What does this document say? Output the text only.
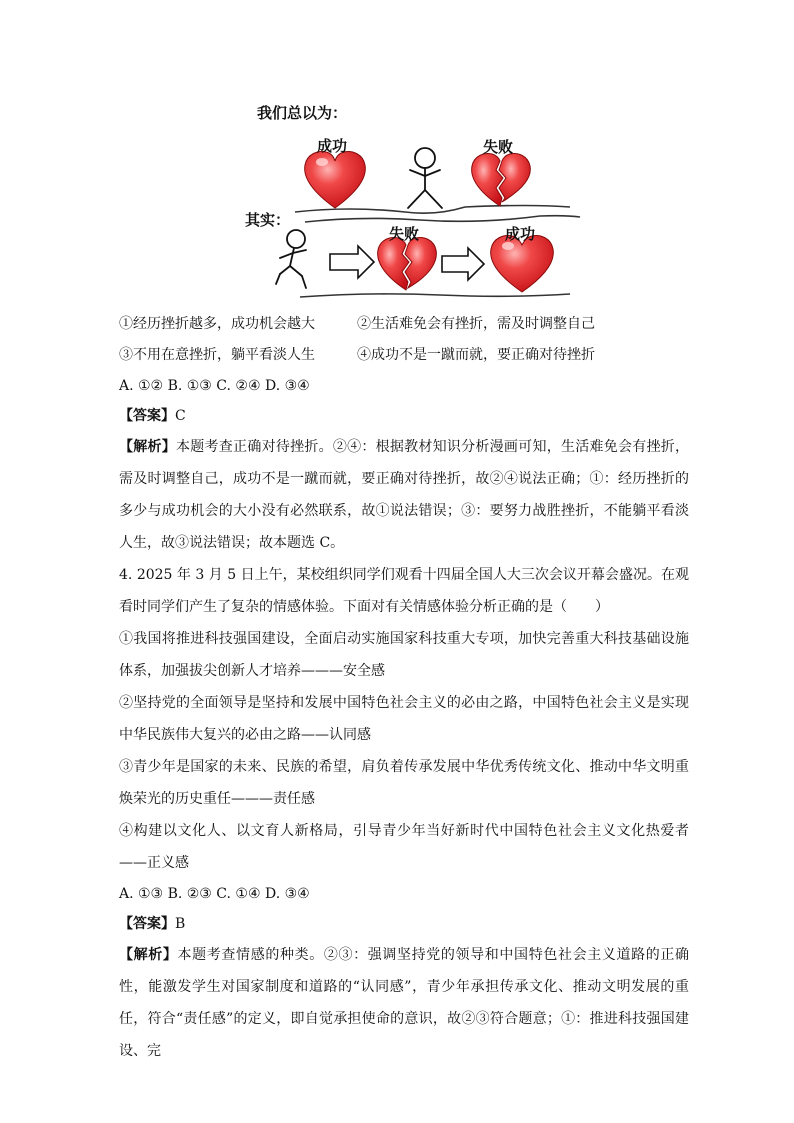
我们总以为：
其实：
成功	失败
失败	成功
①经历挫折越多，成功机会越大	②生活难免会有挫折，需及时调整自己
③不用在意挫折，躺平看淡人生	④成功不是一蹴而就，要正确对待挫折
A. ①② B. ①③ C. ②④ D. ③④
【答案】 C

【解析】本题考查正确对待挫折。②④：根据教材知识分析漫画可知，生活难免会有挫折，需及时调整自己，成功不是一蹴而就，要正确对待挫折，故②④说法正确；①：经历挫折的多少与成功机会的大小没有必然联系，故①说法错误；③：要努力战胜挫折，不能躺平看淡人生，故③说法错误；故本题选 C。

4. 2025 年 3 月 5 日上午，某校组织同学们观看十四届全国人大三次会议开幕会盛况。在观看时同学们产生了复杂的情感体验。下面对有关情感体验分析正确的是（　　）

①我国将推进科技强国建设，全面启动实施国家科技重大专项，加快完善重大科技基础设施体系，加强拔尖创新人才培养———安全感

②坚持党的全面领导是坚持和发展中国特色社会主义的必由之路，中国特色社会主义是实现中华民族伟大复兴的必由之路——认同感

③青少年是国家的未来、民族的希望，肩负着传承发展中华优秀传统文化、推动中华文明重焕荣光的历史重任———责任感

④构建以文化人、以文育人新格局，引导青少年当好新时代中国特色社会主义文化热爱者——正义感

A. ①③ B. ②③ C. ①④ D. ③④
【答案】 B

【解析】本题考查情感的种类。②③：强调坚持党的领导和中国特色社会主义道路的正确性，能激发学生对国家制度和道路的“认同感”，青少年承担传承文化、推动文明发展的重任，符合“责任感”的定义，即自觉承担使命的意识，故②③符合题意；①：推进科技强国建设、完
